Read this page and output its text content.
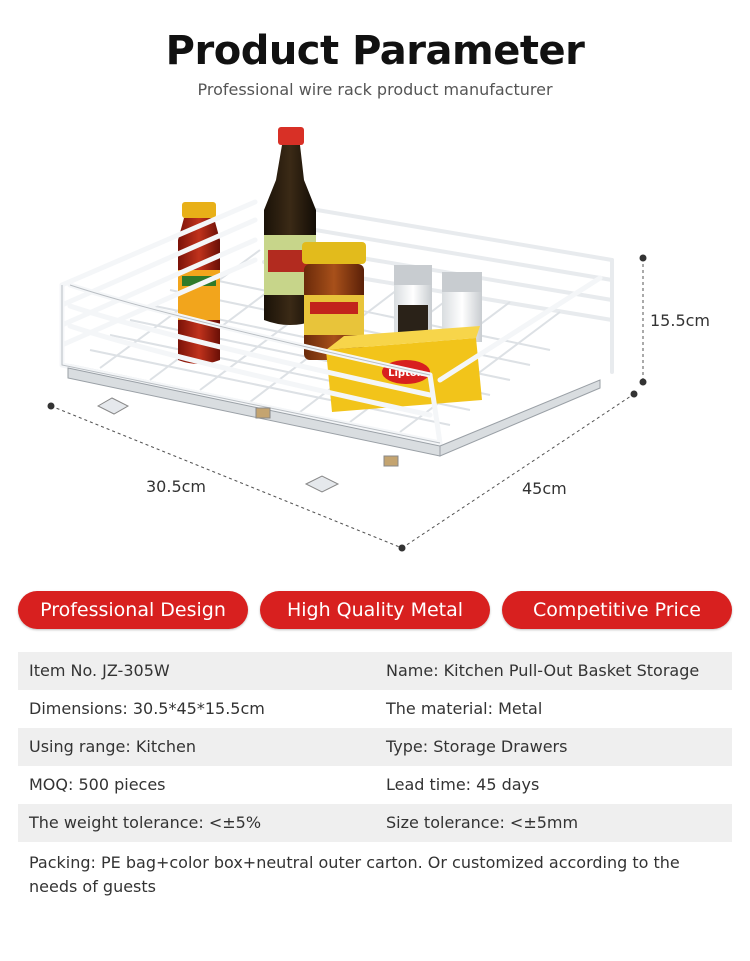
Product Parameter
Professional wire rack product manufacturer
Lipton
30.5cm	45cm
15.5cm
Professional Design	High Quality Metal	Competitive Price
Item No. JZ-305W	Name: Kitchen Pull-Out Basket Storage
Dimensions: 30.5*45*15.5cm	The material: Metal
Using range: Kitchen	Type: Storage Drawers
MOQ: 500 pieces	Lead time: 45 days
The weight tolerance: <±5%	Size tolerance: <±5mm
Packing: PE bag+color box+neutral outer carton. Or customized according to the needs of guests
